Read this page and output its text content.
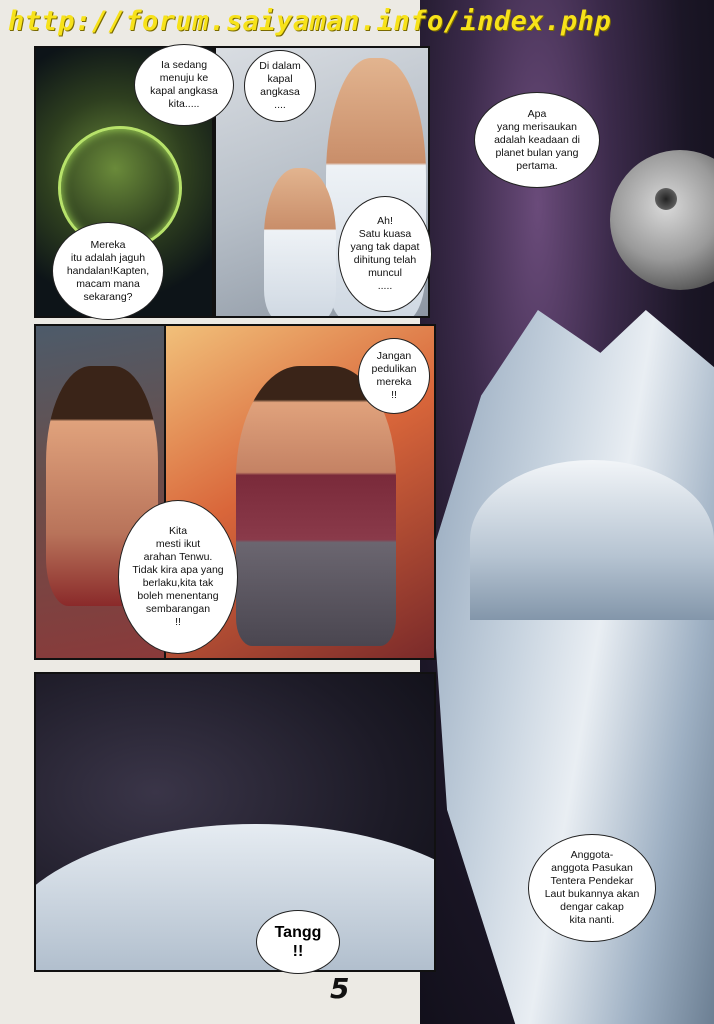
http://forum.saiyaman.info/index.php
Ia sedang
menuju ke
kapal angkasa
kita.....
Mereka
itu adalah jaguh
handalan!Kapten,
macam mana
sekarang?
Di dalam
kapal
angkasa
....
Ah!
Satu kuasa
yang tak dapat
dihitung telah
muncul
.....
Apa
yang merisaukan
adalah keadaan di
planet bulan yang
pertama.
Jangan
pedulikan
mereka
!!
Kita
mesti ikut
arahan Tenwu.
Tidak kira apa yang
berlaku,kita tak
boleh menentang
sembarangan
!!
Tangg
!!
Anggota-
anggota Pasukan
Tentera Pendekar
Laut bukannya akan
dengar cakap
kita nanti.
5
